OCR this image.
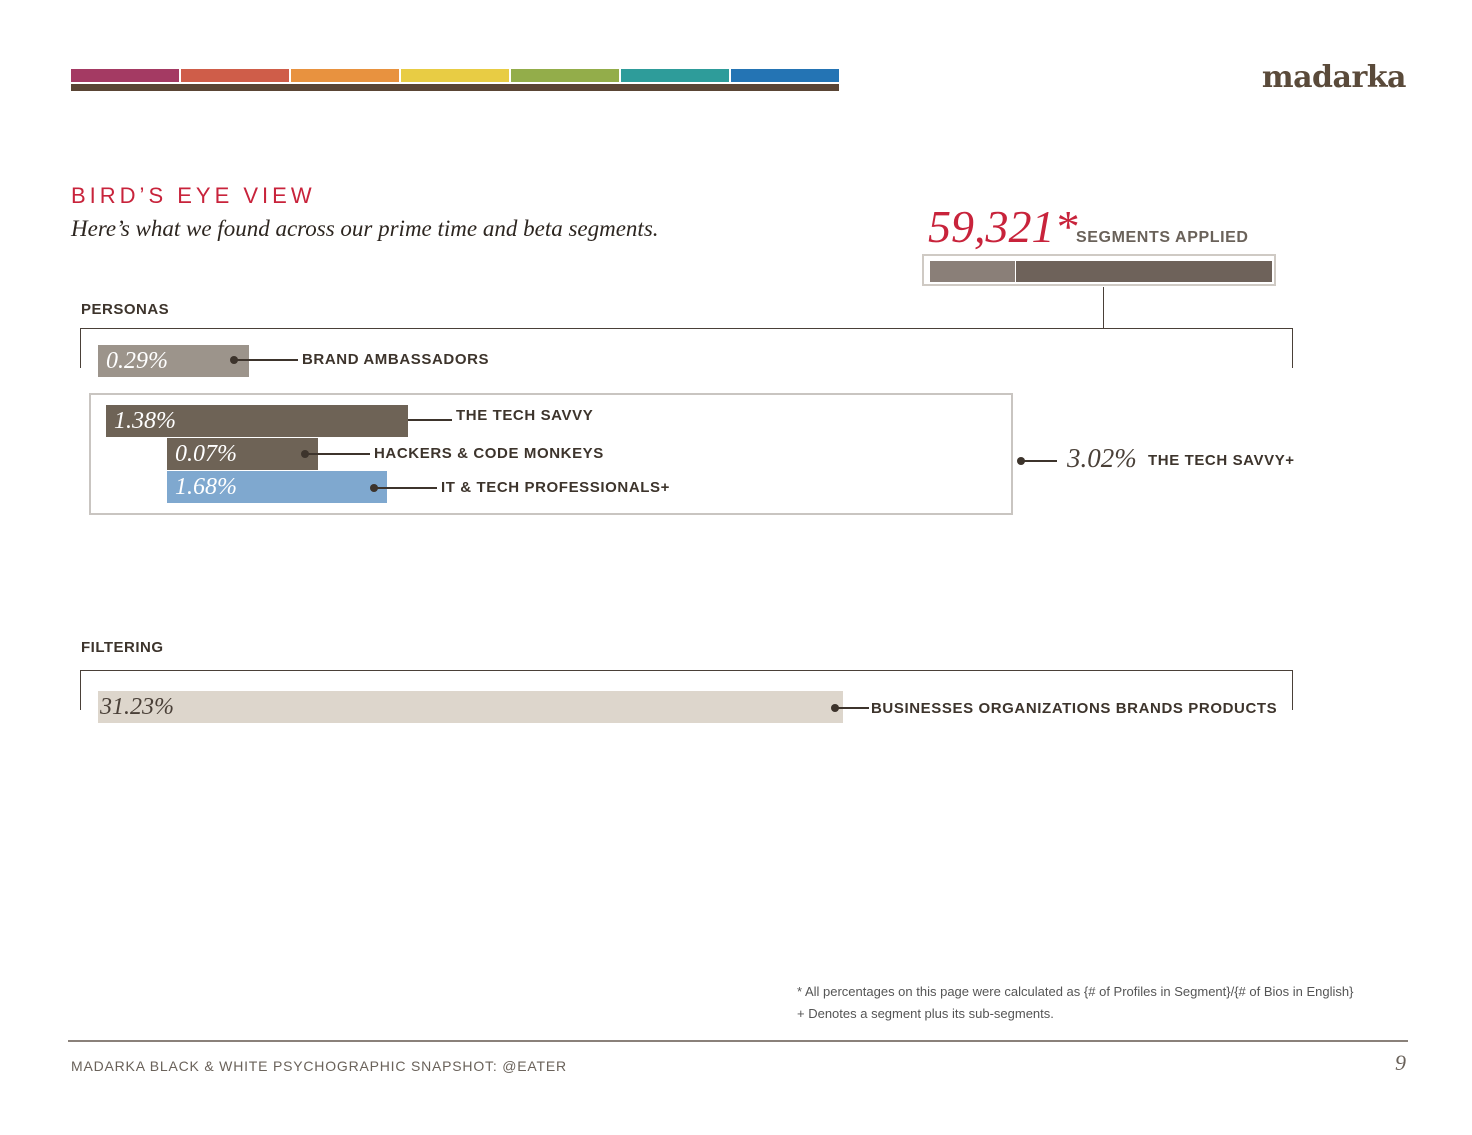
madarka
BIRD’S EYE VIEW
Here’s what we found across our prime time and beta segments.	59,321*
SEGMENTS APPLIED
PERSONAS
0.29%	BRAND AMBASSADORS
1.38%	THE TECH SAVVY
0.07%	HACKERS & CODE MONKEYS
1.68%	IT & TECH PROFESSIONALS+
3.02% THE TECH SAVVY+
FILTERING
31.23%	BUSINESSES ORGANIZATIONS BRANDS PRODUCTS
* All percentages on this page were calculated as {# of Profiles in Segment}/{# of Bios in English}
+ Denotes a segment plus its sub-segments.
MADARKA BLACK & WHITE PSYCHOGRAPHIC SNAPSHOT: @EATER	9
